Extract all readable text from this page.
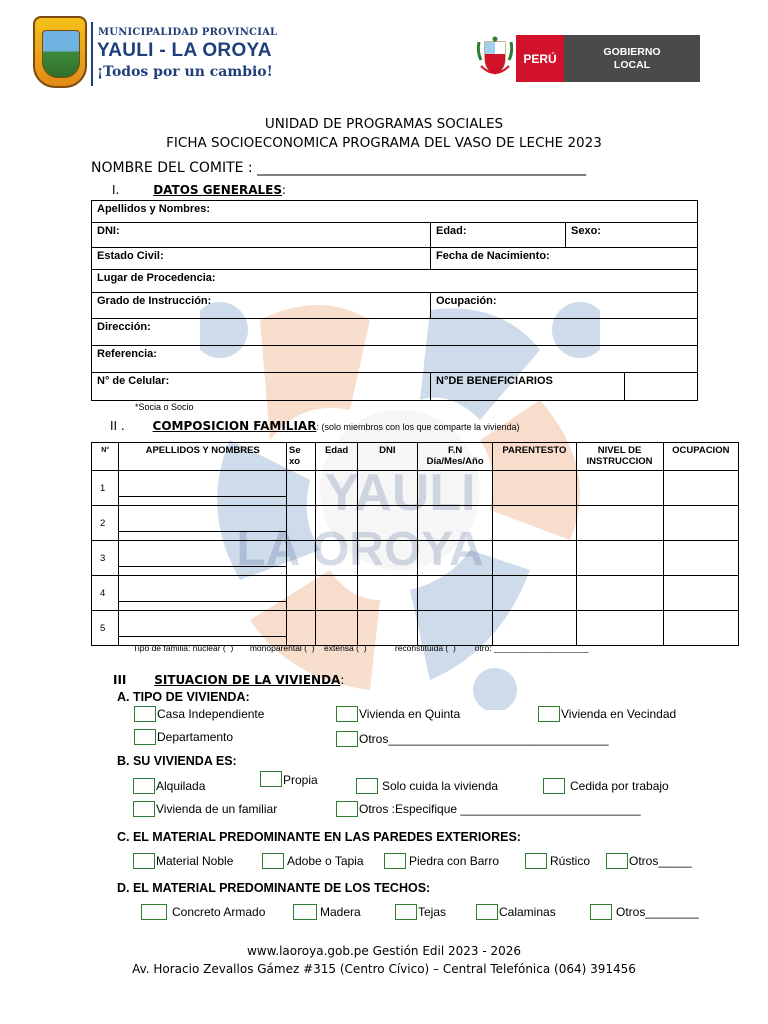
MUNICIPALIDAD PROVINCIAL
YAULI - LA OROYA
¡Todos por un cambio!
PERÚ	GOBIERNO
LOCAL
YAULI
LA OROYA
UNIDAD DE PROGRAMAS SOCIALES
FICHA SOCIOECONOMICA PROGRAMA DEL VASO DE LECHE 2023
NOMBRE DEL COMITE : _______________________________________________
I.	DATOS GENERALES:
Apellidos y Nombres:			
DNI:	Edad:	Sexo:	
Estado Civil:	Fecha de Nacimiento:		
Lugar de Procedencia:			
Grado de Instrucción:	Ocupación:		
Dirección:			
Referencia:			
N° de Celular:	N°DE BENEFICIARIOS		
*Socia o Socio
II . COMPOSICION FAMILIAR: (solo miembros con los que comparte la vivienda)
N°	APELLIDOS Y NOMBRES	Se xo	Edad	DNI	F.N Día/Mes/Año	PARENTESTO	NIVEL DE INSTRUCCION	OCUPACION
1	

2	

3	

4	

5	

Tipo de familia: nuclear (  )       monoparental (  )    extensa (  )            reconstituida (  )        otro: ____________________
III SITUACION DE LA VIVIENDA:
A. TIPO DE VIVIENDA:
Casa Independiente	Vivienda en Quinta	Vivienda en Vecindad
Departamento	Otros_________________________________
B. SU VIVIENDA ES:
Alquilada	Propia	Solo cuida la vivienda	Cedida por trabajo
Vivienda de un familiar	Otros :Especifique ___________________________
C. EL MATERIAL PREDOMINANTE EN LAS PAREDES EXTERIORES:
Material Noble	Adobe o Tapia	Piedra con Barro	Rústico	Otros_____
D. EL MATERIAL PREDOMINANTE DE LOS TECHOS:
Concreto Armado	Madera	Tejas	Calaminas	Otros________
www.laoroya.gob.pe Gestión Edil 2023 - 2026
Av. Horacio Zevallos Gámez #315 (Centro Cívico) – Central Telefónica (064) 391456
